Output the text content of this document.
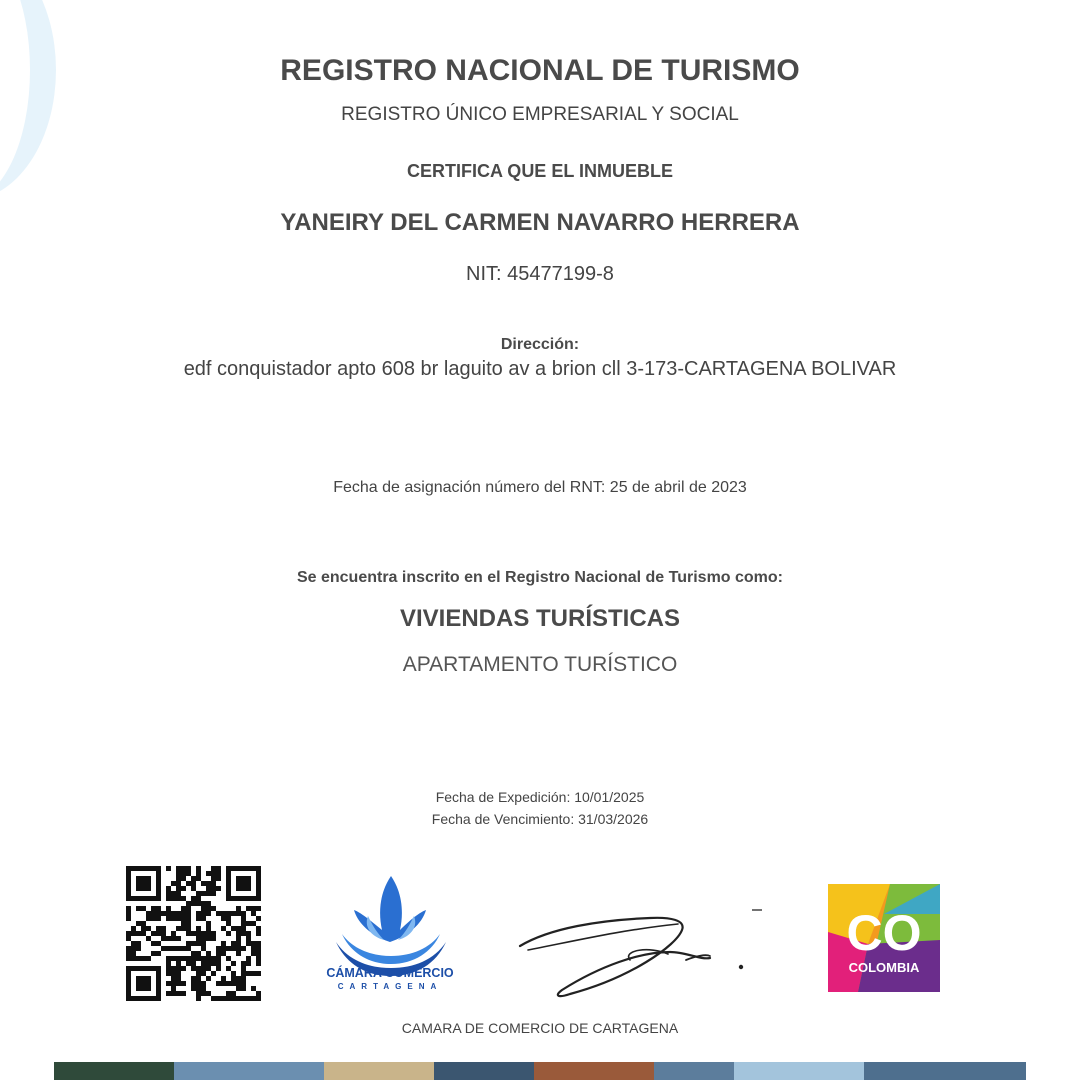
REGISTRO NACIONAL DE TURISMO
REGISTRO ÚNICO EMPRESARIAL Y SOCIAL
CERTIFICA QUE EL INMUEBLE
YANEIRY DEL CARMEN NAVARRO HERRERA
NIT: 45477199-8
Dirección:
edf conquistador apto 608 br laguito av a brion cll 3-173-CARTAGENA BOLIVAR
Fecha de asignación número del RNT: 25 de abril de 2023
Se encuentra inscrito en el Registro Nacional de Turismo como:
VIVIENDAS TURÍSTICAS
APARTAMENTO TURÍSTICO
Fecha de Expedición: 10/01/2025
Fecha de Vencimiento: 31/03/2026
CÁMARA COMERCIO
CARTAGENA
CO
COLOMBIA
CAMARA DE COMERCIO DE CARTAGENA
